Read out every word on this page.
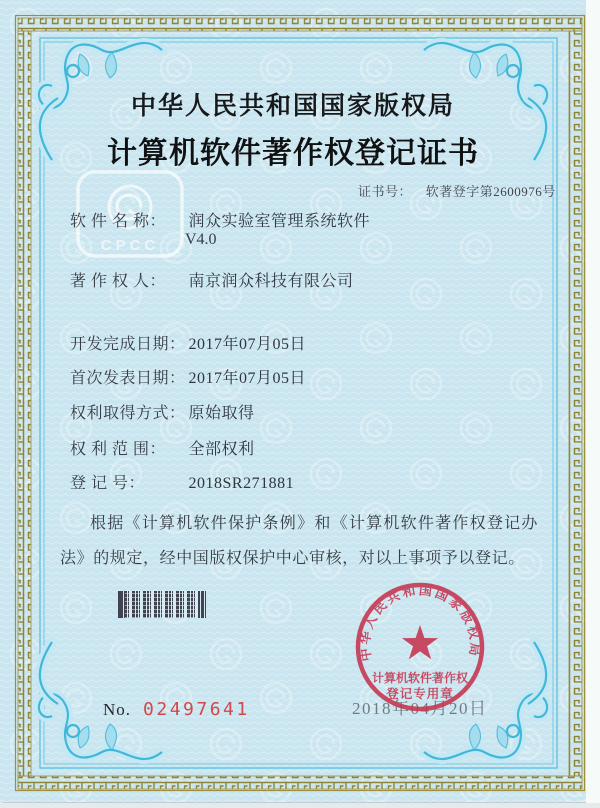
CPCC
中华人民共和国国家版权局
计算机软件著作权登记证书
证书号： 软著登字第2600976号
软 件 名 称： 润众实验室管理系统软件
V4.0
著 作 权 人： 南京润众科技有限公司
开发完成日期： 2017年07月05日
首次发表日期： 2017年07月05日
权利取得方式： 原始取得
权 利 范 围： 全部权利
登 记 号：	2018SR271881
根据《计算机软件保护条例》和《计算机软件著作权登记办法》的规定，经中国版权保护中心审核，对以上事项予以登记。
2018年04月20日
中华人民共和国国家版权局
计算机软件著作权
登记专用章
No. 02497641
